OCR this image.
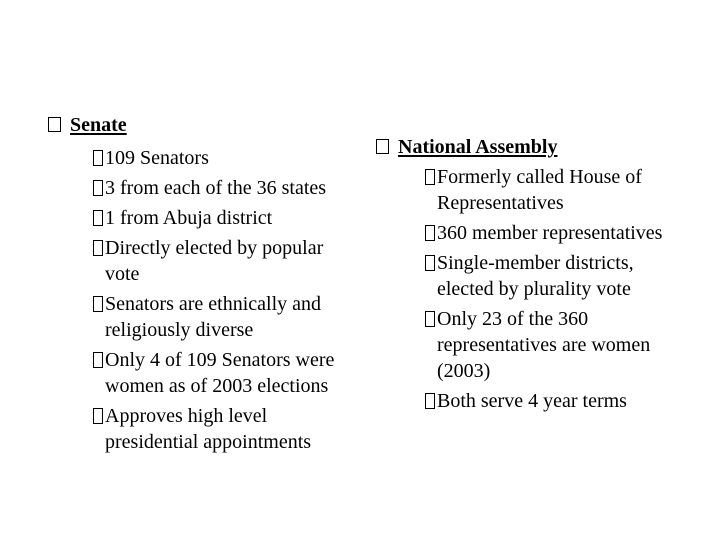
Senate
109 Senators
3 from each of the 36 states
1 from Abuja district
Directly elected by popular vote
Senators are ethnically and religiously diverse
Only 4 of 109 Senators were women as of 2003 elections
Approves high level presidential appointments
National Assembly
Formerly called House of Representatives
360 member representatives
Single-member districts, elected by plurality vote
Only 23 of the 360 representatives are women (2003)
Both serve 4 year terms
